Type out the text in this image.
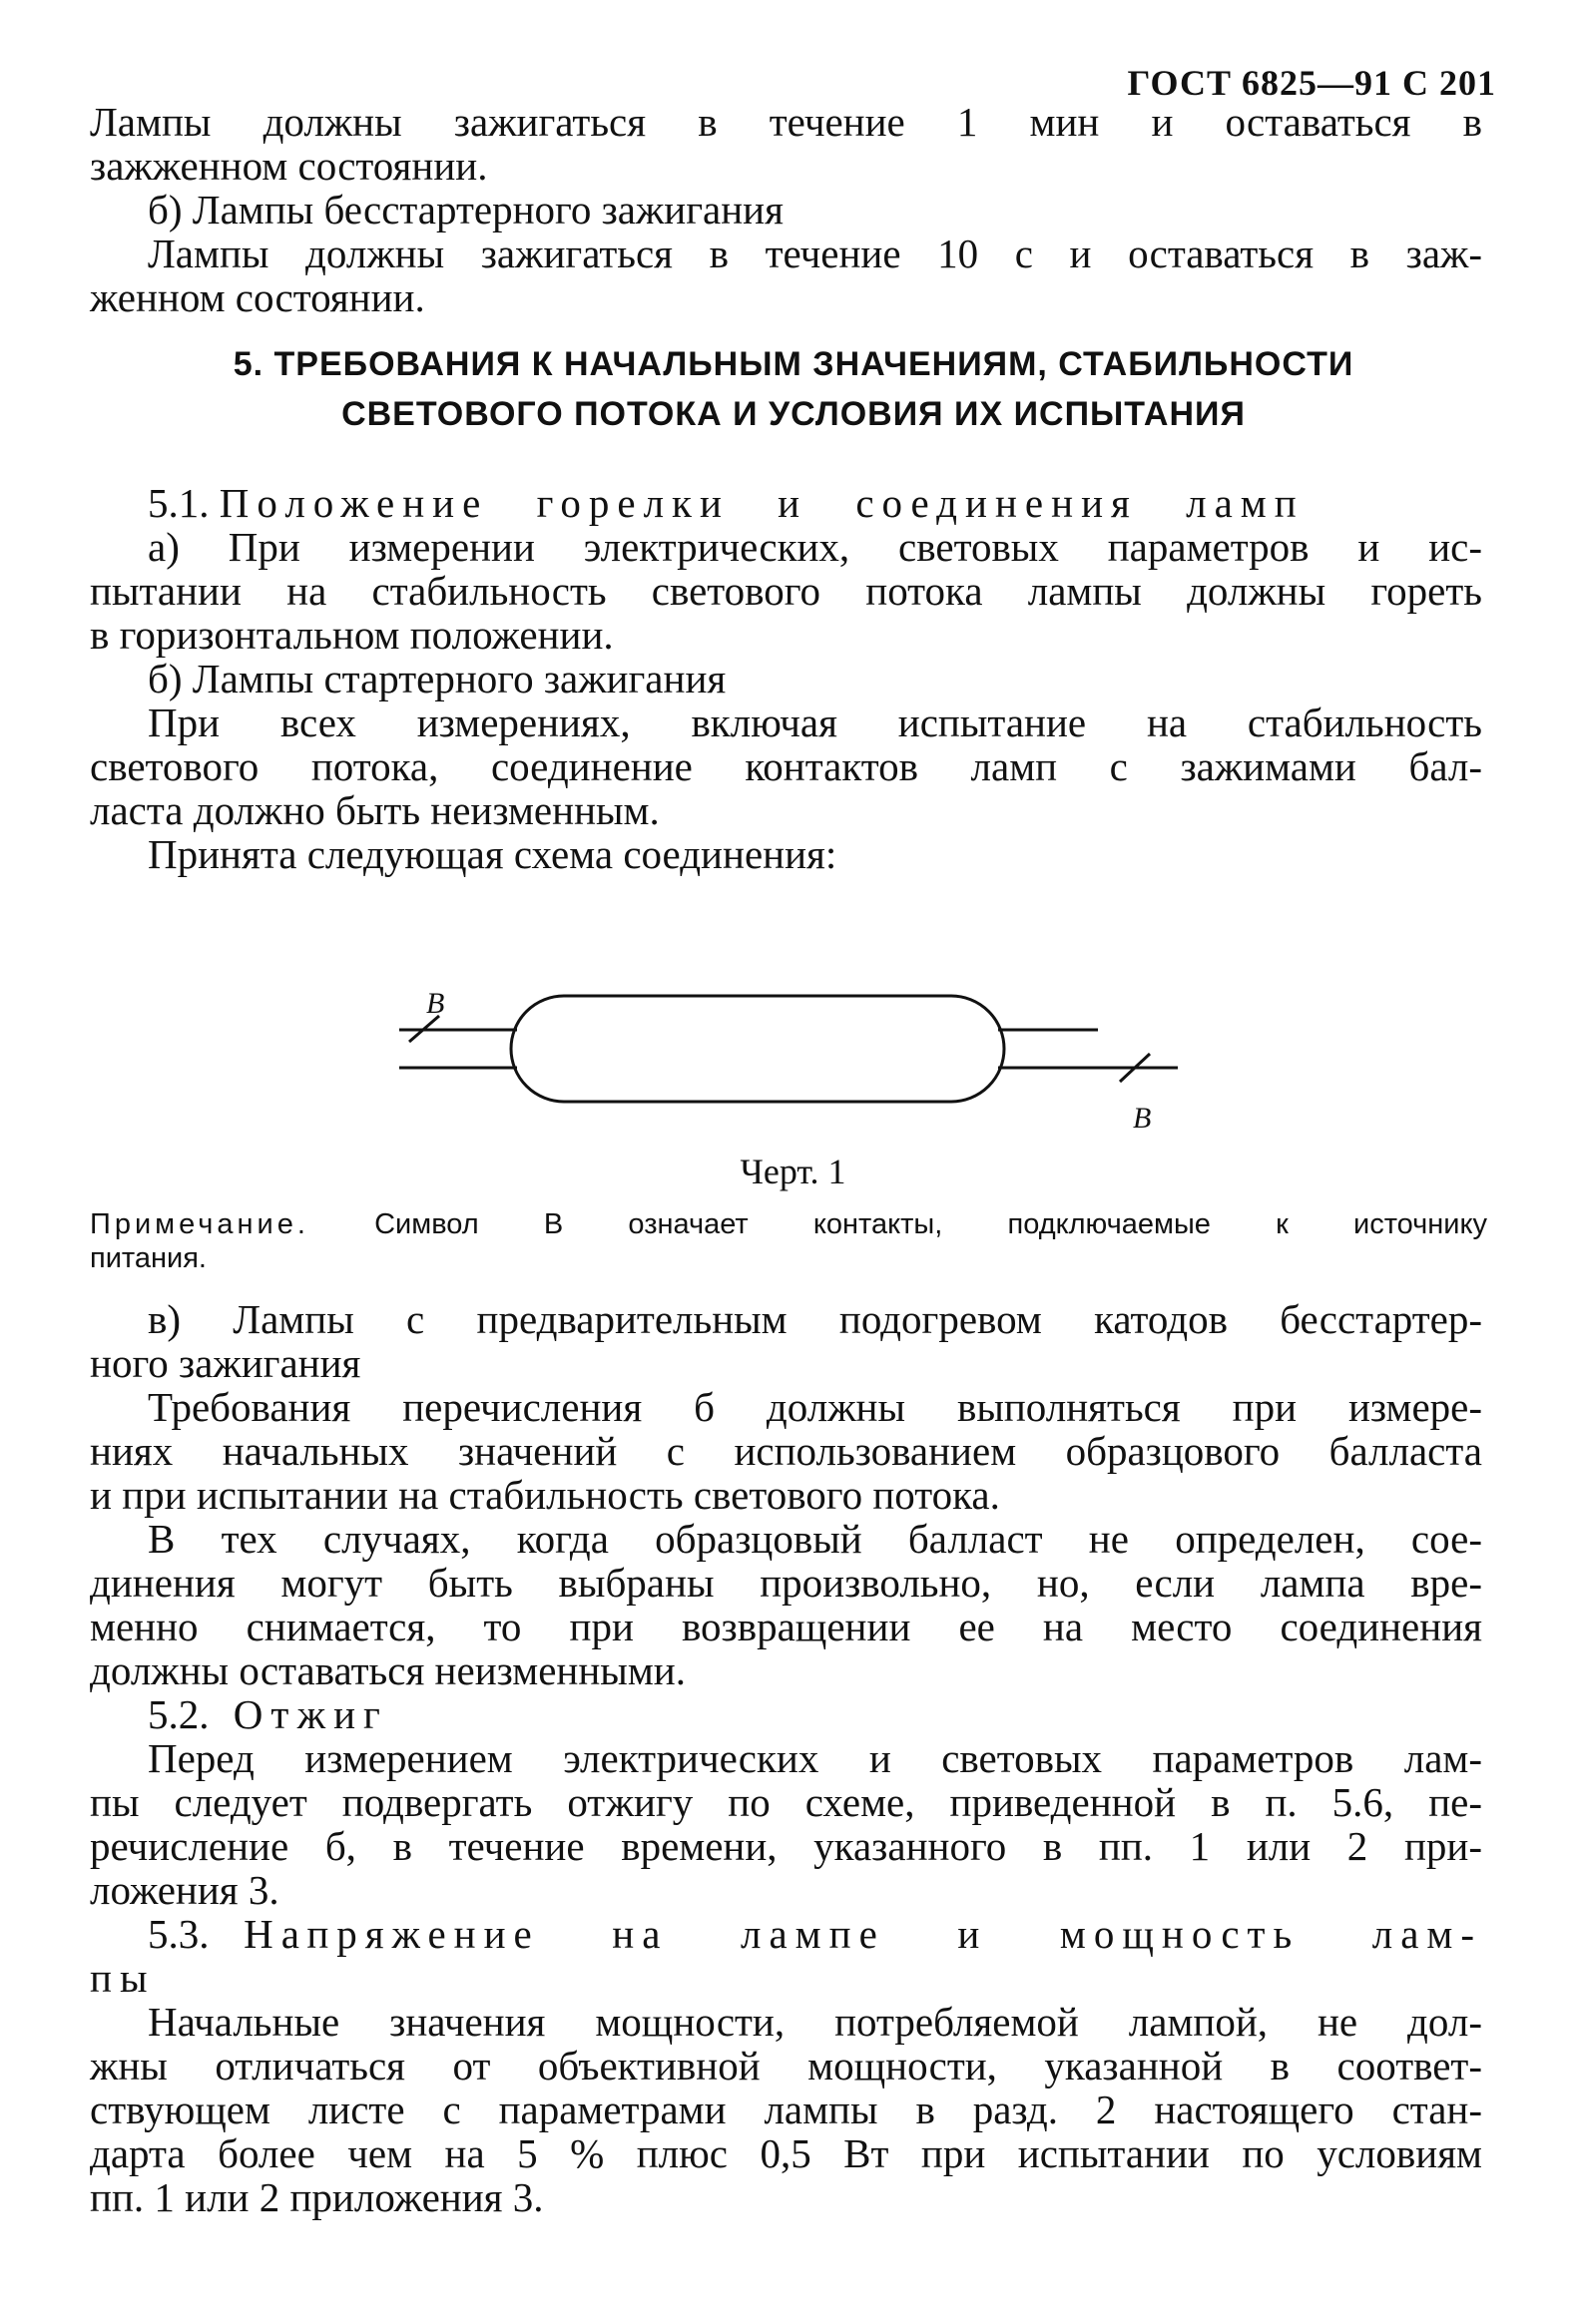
ГОСТ 6825—91 С 201

Лампы должны зажигаться в течение 1 мин и оставаться в

зажженном состоянии.

б) Лампы бесстартерного зажигания

Лампы должны зажигаться в течение 10 с и оставаться в заж-

женном состоянии.

5. ТРЕБОВАНИЯ К НАЧАЛЬНЫМ ЗНАЧЕНИЯМ, СТАБИЛЬНОСТИ
СВЕТОВОГО ПОТОКА И УСЛОВИЯ ИХ ИСПЫТАНИЯ

5.1. Положение горелки и соединения ламп

а) При измерении электрических, световых параметров и ис-

пытании на стабильность светового потока лампы должны гореть

в горизонтальном положении.

б) Лампы стартерного зажигания

При всех измерениях, включая испытание на стабильность

светового потока, соединение контактов ламп с зажимами бал-

ласта должно быть неизменным.

Принята следующая схема соединения:

В
В
Черт. 1
Примечание. Символ В означает контакты, подключаемые к источнику
питания.

в) Лампы с предварительным подогревом катодов бесстартер-

ного зажигания

Требования перечисления б должны выполняться при измере-

ниях начальных значений с использованием образцового балласта

и при испытании на стабильность светового потока.

В тех случаях, когда образцовый балласт не определен, сое-

динения могут быть выбраны произвольно, но, если лампа вре-

менно снимается, то при возвращении ее на место соединения

должны оставаться неизменными.

5.2. Отжиг

Перед измерением электрических и световых параметров лам-

пы следует подвергать отжигу по схеме, приведенной в п. 5.6, пе-

речисление б, в течение времени, указанного в пп. 1 или 2 при-

ложения 3.

5.3. Напряжение на лампе и мощность лам-

пы

Начальные значения мощности, потребляемой лампой, не дол-

жны отличаться от объективной мощности, указанной в соответ-

ствующем листе с параметрами лампы в разд. 2 настоящего стан-

дарта более чем на 5 % плюс 0,5 Вт при испытании по условиям

пп. 1 или 2 приложения 3.
